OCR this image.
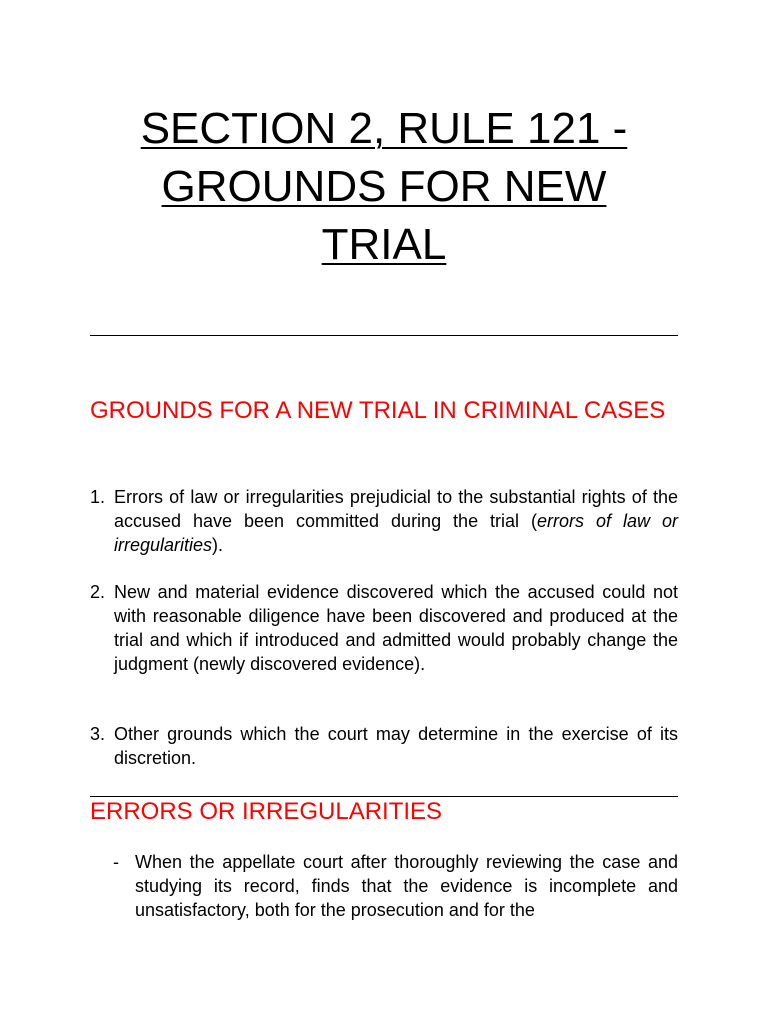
SECTION 2, RULE 121 -
GROUNDS FOR NEW
TRIAL
GROUNDS FOR A NEW TRIAL IN CRIMINAL CASES
1. Errors of law or irregularities prejudicial to the substantial rights of the accused have been committed during the trial (errors of law or irregularities).
2. New and material evidence discovered which the accused could not with reasonable diligence have been discovered and produced at the trial and which if introduced and admitted would probably change the judgment (newly discovered evidence).
3. Other grounds which the court may determine in the exercise of its discretion.
ERRORS OR IRREGULARITIES
- When the appellate court after thoroughly reviewing the case and studying its record, finds that the evidence is incomplete and unsatisfactory, both for the prosecution and for the
